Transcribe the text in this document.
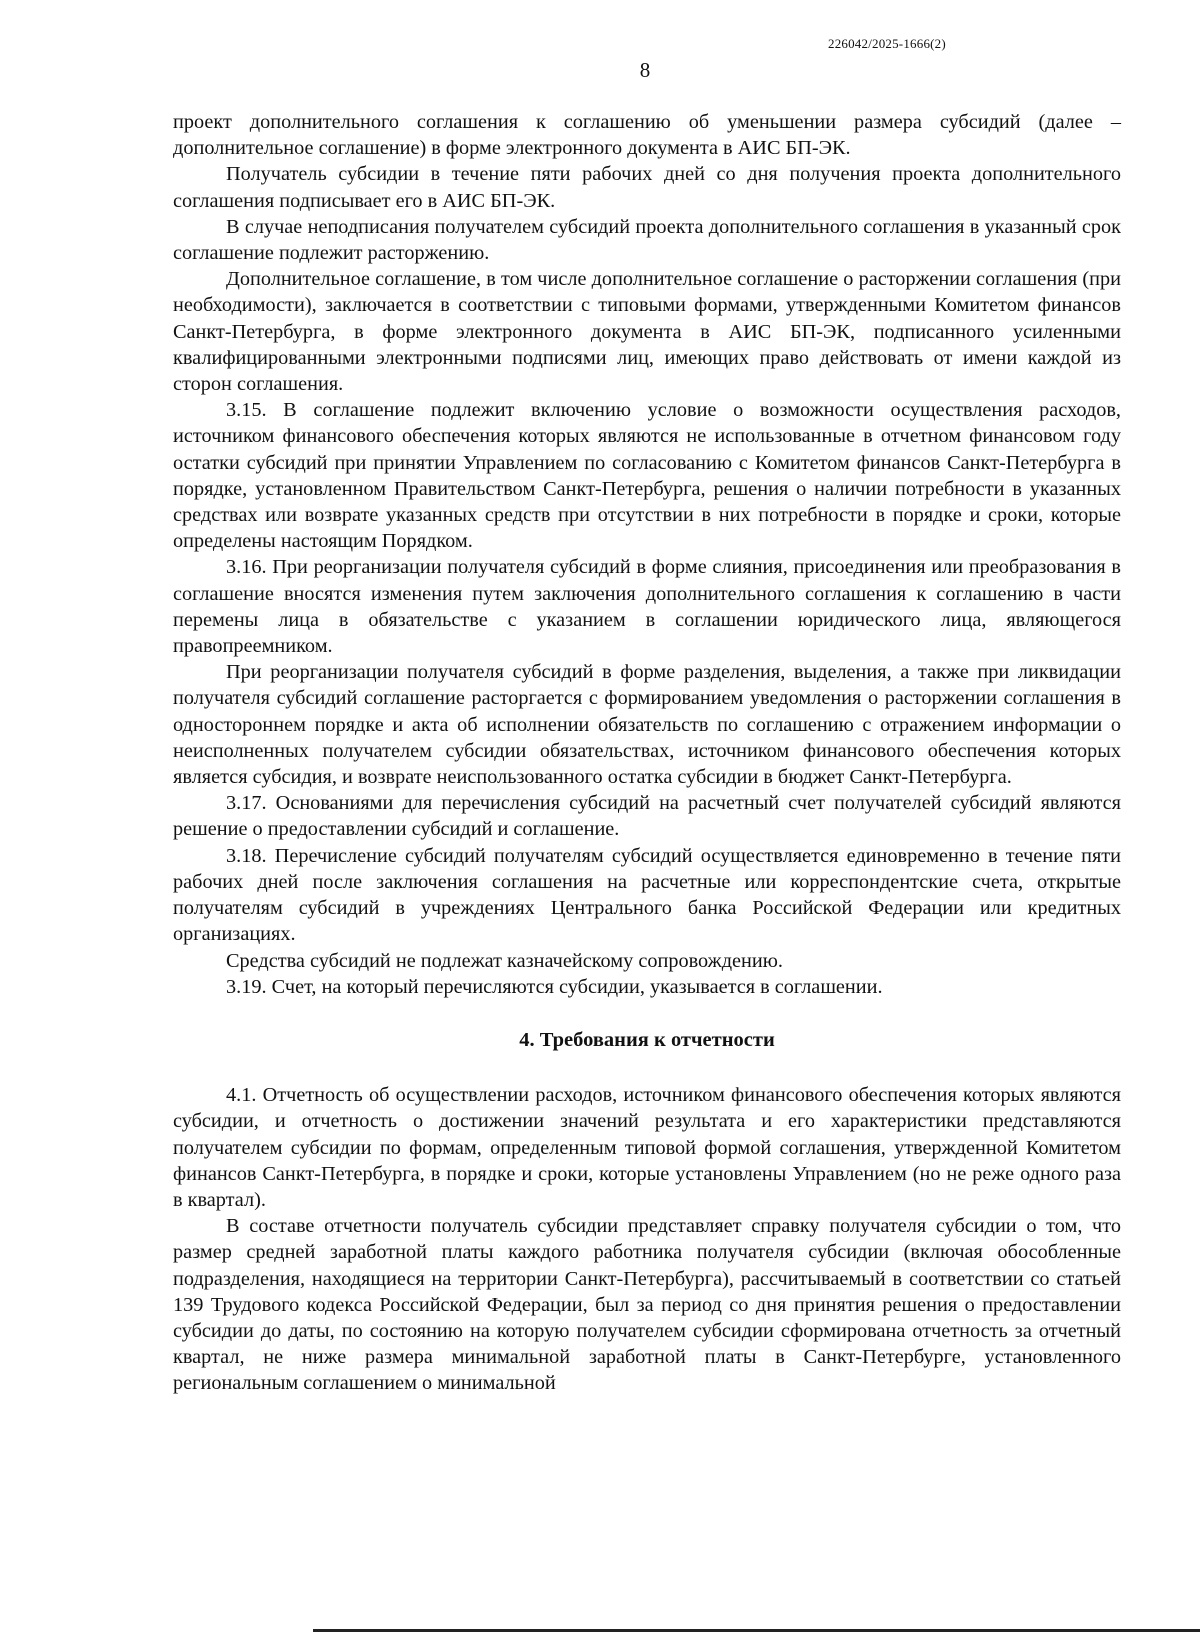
226042/2025-1666(2)
8

проект дополнительного соглашения к соглашению об уменьшении размера субсидий (далее – дополнительное соглашение) в форме электронного документа в АИС БП-ЭК.

Получатель субсидии в течение пяти рабочих дней со дня получения проекта дополнительного соглашения подписывает его в АИС БП-ЭК.

В случае неподписания получателем субсидий проекта дополнительного соглашения в указанный срок соглашение подлежит расторжению.

Дополнительное соглашение, в том числе дополнительное соглашение о расторжении соглашения (при необходимости), заключается в соответствии с типовыми формами, утвержденными Комитетом финансов Санкт-Петербурга, в форме электронного документа в АИС БП-ЭК, подписанного усиленными квалифицированными электронными подписями лиц, имеющих право действовать от имени каждой из сторон соглашения.

3.15. В соглашение подлежит включению условие о возможности осуществления расходов, источником финансового обеспечения которых являются не использованные в отчетном финансовом году остатки субсидий при принятии Управлением по согласованию с Комитетом финансов Санкт-Петербурга в порядке, установленном Правительством Санкт-Петербурга, решения о наличии потребности в указанных средствах или возврате указанных средств при отсутствии в них потребности в порядке и сроки, которые определены настоящим Порядком.

3.16. При реорганизации получателя субсидий в форме слияния, присоединения или преобразования в соглашение вносятся изменения путем заключения дополнительного соглашения к соглашению в части перемены лица в обязательстве с указанием в соглашении юридического лица, являющегося правопреемником.

При реорганизации получателя субсидий в форме разделения, выделения, а также при ликвидации получателя субсидий соглашение расторгается с формированием уведомления о расторжении соглашения в одностороннем порядке и акта об исполнении обязательств по соглашению с отражением информации о неисполненных получателем субсидии обязательствах, источником финансового обеспечения которых является субсидия, и возврате неиспользованного остатка субсидии в бюджет Санкт-Петербурга.

3.17. Основаниями для перечисления субсидий на расчетный счет получателей субсидий являются решение о предоставлении субсидий и соглашение.

3.18. Перечисление субсидий получателям субсидий осуществляется единовременно в течение пяти рабочих дней после заключения соглашения на расчетные или корреспондентские счета, открытые получателям субсидий в учреждениях Центрального банка Российской Федерации или кредитных организациях.

Средства субсидий не подлежат казначейскому сопровождению.

3.19. Счет, на который перечисляются субсидии, указывается в соглашении.

4. Требования к отчетности

4.1. Отчетность об осуществлении расходов, источником финансового обеспечения которых являются субсидии, и отчетность о достижении значений результата и его характеристики представляются получателем субсидии по формам, определенным типовой формой соглашения, утвержденной Комитетом финансов Санкт-Петербурга, в порядке и сроки, которые установлены Управлением (но не реже одного раза в квартал).

В составе отчетности получатель субсидии представляет справку получателя субсидии о том, что размер средней заработной платы каждого работника получателя субсидии (включая обособленные подразделения, находящиеся на территории Санкт-Петербурга), рассчитываемый в соответствии со статьей 139 Трудового кодекса Российской Федерации, был за период со дня принятия решения о предоставлении субсидии до даты, по состоянию на которую получателем субсидии сформирована отчетность за отчетный квартал, не ниже размера минимальной заработной платы в Санкт-Петербурге, установленного региональным соглашением о минимальной
